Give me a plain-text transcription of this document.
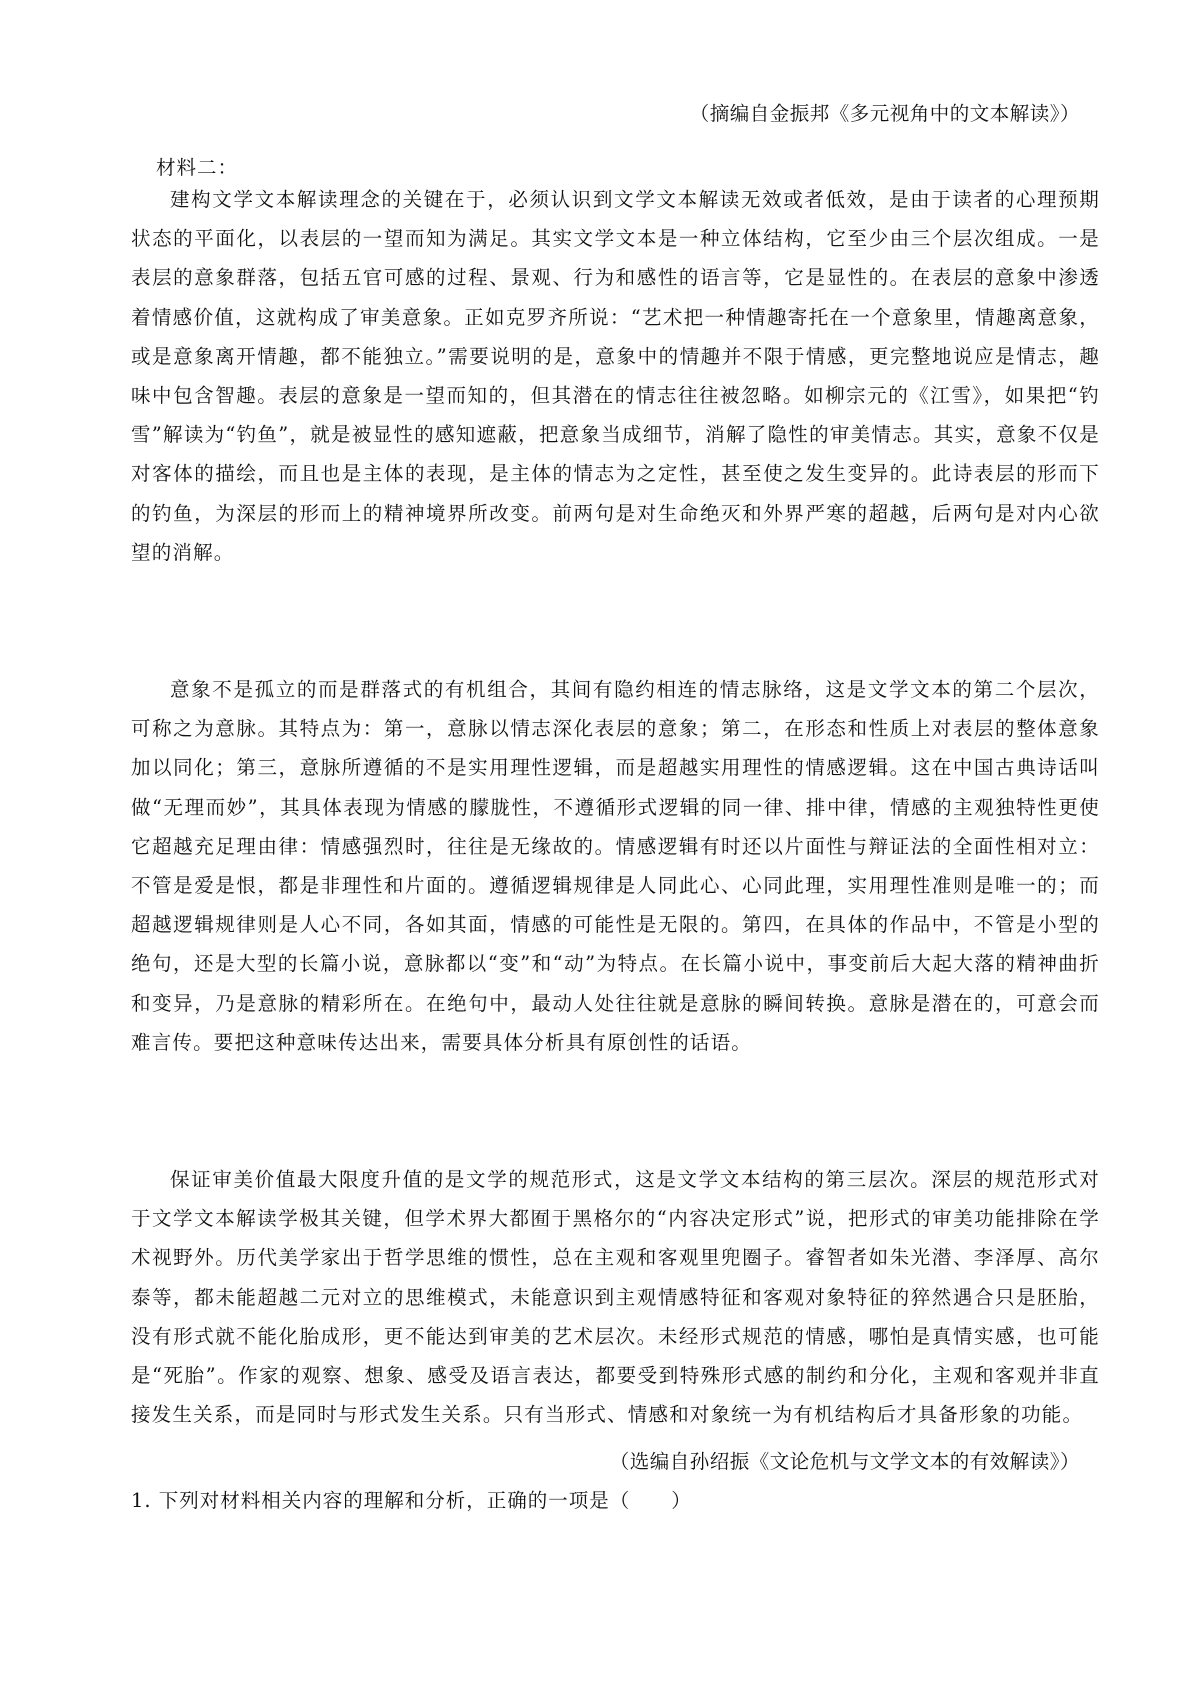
（摘编自金振邦《多元视角中的文本解读》）
材料二：

建构文学文本解读理念的关键在于，必须认识到文学文本解读无效或者低效，是由于读者的心理预期状态的平面化，以表层的一望而知为满足。其实文学文本是一种立体结构，它至少由三个层次组成。一是表层的意象群落，包括五官可感的过程、景观、行为和感性的语言等，它是显性的。在表层的意象中渗透着情感价值，这就构成了审美意象。正如克罗齐所说：“艺术把一种情趣寄托在一个意象里，情趣离意象，或是意象离开情趣，都不能独立。”需要说明的是，意象中的情趣并不限于情感，更完整地说应是情志，趣味中包含智趣。表层的意象是一望而知的，但其潜在的情志往往被忽略。如柳宗元的《江雪》，如果把“钓雪”解读为“钓鱼”，就是被显性的感知遮蔽，把意象当成细节，消解了隐性的审美情志。其实，意象不仅是对客体的描绘，而且也是主体的表现，是主体的情志为之定性，甚至使之发生变异的。此诗表层的形而下的钓鱼，为深层的形而上的精神境界所改变。前两句是对生命绝灭和外界严寒的超越，后两句是对内心欲望的消解。

意象不是孤立的而是群落式的有机组合，其间有隐约相连的情志脉络，这是文学文本的第二个层次，可称之为意脉。其特点为：第一，意脉以情志深化表层的意象；第二，在形态和性质上对表层的整体意象加以同化；第三，意脉所遵循的不是实用理性逻辑，而是超越实用理性的情感逻辑。这在中国古典诗话叫做“无理而妙”，其具体表现为情感的朦胧性，不遵循形式逻辑的同一律、排中律，情感的主观独特性更使它超越充足理由律：情感强烈时，往往是无缘故的。情感逻辑有时还以片面性与辩证法的全面性相对立：不管是爱是恨，都是非理性和片面的。遵循逻辑规律是人同此心、心同此理，实用理性准则是唯一的；而超越逻辑规律则是人心不同，各如其面，情感的可能性是无限的。第四，在具体的作品中，不管是小型的绝句，还是大型的长篇小说，意脉都以“变”和“动”为特点。在长篇小说中，事变前后大起大落的精神曲折和变异，乃是意脉的精彩所在。在绝句中，最动人处往往就是意脉的瞬间转换。意脉是潜在的，可意会而难言传。要把这种意味传达出来，需要具体分析具有原创性的话语。

保证审美价值最大限度升值的是文学的规范形式，这是文学文本结构的第三层次。深层的规范形式对于文学文本解读学极其关键，但学术界大都囿于黑格尔的“内容决定形式”说，把形式的审美功能排除在学术视野外。历代美学家出于哲学思维的惯性，总在主观和客观里兜圈子。睿智者如朱光潜、李泽厚、高尔泰等，都未能超越二元对立的思维模式，未能意识到主观情感特征和客观对象特征的猝然遇合只是胚胎，没有形式就不能化胎成形，更不能达到审美的艺术层次。未经形式规范的情感，哪怕是真情实感，也可能是“死胎”。作家的观察、想象、感受及语言表达，都要受到特殊形式感的制约和分化，主观和客观并非直接发生关系，而是同时与形式发生关系。只有当形式、情感和对象统一为有机结构后才具备形象的功能。

（选编自孙绍振《文论危机与文学文本的有效解读》）
1. 下列对材料相关内容的理解和分析，正确的一项是（　　）
